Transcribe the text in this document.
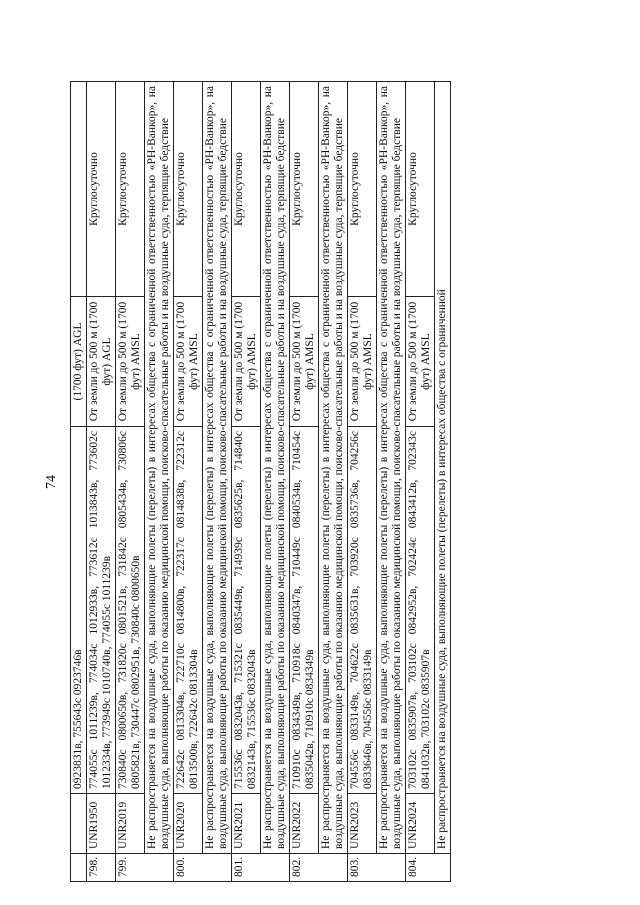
74
		0923831в, 755643с 0923746в	(1700 фут) AGL	
798.	UNR1950	774055с 1011239в, 774034с 1012933в, 773612с 1013843в, 773602с 1012334в, 773949с 1010740в, 774055с 1011239в	От земли до 500 м (1700 фут) AGL	Круглосуточно
799.	UNR2019	730840с 0800650в, 731820с 0801521в, 731842с 0805434в, 730806с 0805821в, 730447с 0802951в, 730840с 0800650в	От земли до 500 м (1700 фут) AMSL	Круглосуточно
	Не распространяется на воздушные суда, выполняющие полеты (перелеты) в интересах общества с ограниченной ответственностью «РН-Ванкор», на воздушные суда, выполняющие работы по оказанию медицинской помощи, поисково-спасательные работы и на воздушные суда, терпящие бедствие			
800.	UNR2020	722642с 0813304в, 722710с 0814800в, 722317с 0814838в, 722312с 0813500в, 722642с 0813304в	От земли до 500 м (1700 фут) AMSL	Круглосуточно
	Не распространяется на воздушные суда, выполняющие полеты (перелеты) в интересах общества с ограниченной ответственностью «РН-Ванкор», на воздушные суда, выполняющие работы по оказанию медицинской помощи, поисково-спасательные работы и на воздушные суда, терпящие бедствие			
801.	UNR2021	715536с 0832043в, 715321с 0835449в, 714939с 0835625в, 714840с 0832143в, 715536с 0832043в	От земли до 500 м (1700 фут) AMSL	Круглосуточно
	Не распространяется на воздушные суда, выполняющие полеты (перелеты) в интересах общества с ограниченной ответственностью «РН-Ванкор», на воздушные суда, выполняющие работы по оказанию медицинской помощи, поисково-спасательные работы и на воздушные суда, терпящие бедствие			
802.	UNR2022	710910с 0834349в, 710918с 0840347в, 710449с 0840534в, 710454с 0835042в, 710910с 0834349в	От земли до 500 м (1700 фут) AMSL	Круглосуточно
	Не распространяется на воздушные суда, выполняющие полеты (перелеты) в интересах общества с ограниченной ответственностью «РН-Ванкор», на воздушные суда, выполняющие работы по оказанию медицинской помощи, поисково-спасательные работы и на воздушные суда, терпящие бедствие			
803.	UNR2023	704556с 0833149в, 704622с 0835631в, 703920с 0835736в, 704256с 0833646в, 704556с 0833149в	От земли до 500 м (1700 фут) AMSL	Круглосуточно
	Не распространяется на воздушные суда, выполняющие полеты (перелеты) в интересах общества с ограниченной ответственностью «РН-Ванкор», на воздушные суда, выполняющие работы по оказанию медицинской помощи, поисково-спасательные работы и на воздушные суда, терпящие бедствие			
804.	UNR2024	703102с 0835907в, 703102с 0842952в, 702424с 0843412в, 702343с 0841032в, 703102с 0835907в	От земли до 500 м (1700 фут) AMSL	Круглосуточно
	Не распространяется на воздушные суда, выполняющие полеты (перелеты) в интересах общества с ограниченной			
